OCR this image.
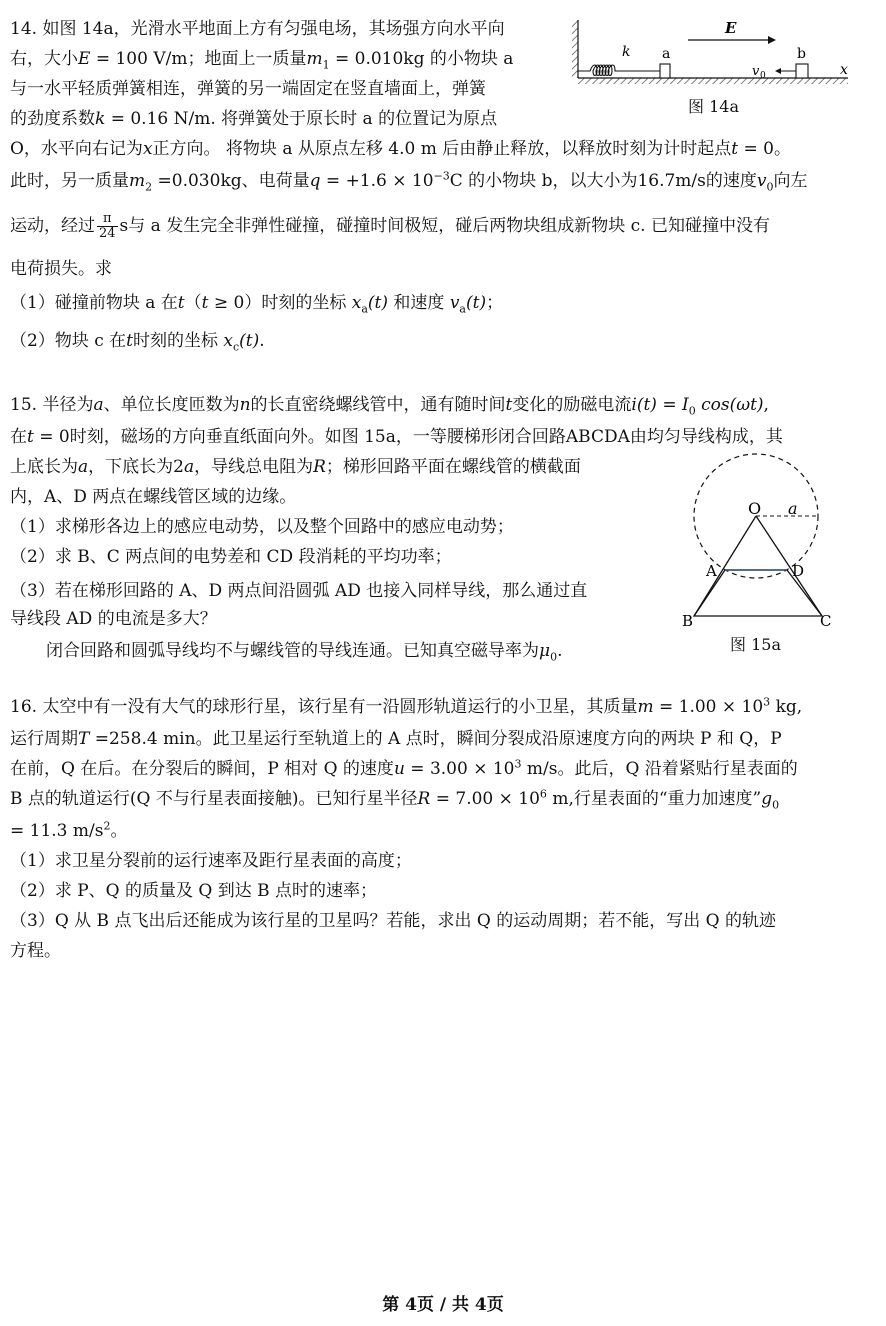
14. 如图 14a，光滑水平地面上方有匀强电场，其场强方向水平向
右，大小E = 100 V/m；地面上一质量$m_1 = 0.010kg$ 的小物块 a
与一水平轻质弹簧相连，弹簧的另一端固定在竖直墙面上，弹簧
的劲度系数k = 0.16 N/m. 将弹簧处于原长时 a 的位置记为原点
O，水平向右记为x正方向。 将物块 a 从原点左移 4.0 m 后由静止释放，以释放时刻为计时起点t = 0。
此时，另一质量$m_2 =0.030kg$、电荷量$q = +1.6 \times 10^{-3}C$ 的小物块 b，以大小为16.7m/s的速度$v_0$向左
运动，经过 $\frac{\pi}{24}$ s与 a 发生完全非弹性碰撞，碰撞时间极短，碰后两物块组成新物块 c. 已知碰撞中没有
电荷损失。求
（1）碰撞前物块 a 在t（t ≥ 0）时刻的坐标 $x_a(t)$ 和速度 $v_a(t)$；
（2）物块 c 在t时刻的坐标 $x_c(t)$.
k a
E
b
v 0	x
图 14a
15. 半径为a、单位长度匝数为n的长直密绕螺线管中，通有随时间t变化的励磁电流$i(t) = I_0$ cos(ωt),
在t = 0时刻，磁场的方向垂直纸面向外。如图 15a，一等腰梯形闭合回路ABCDA由均匀导线构成，其
上底长为a，下底长为2a，导线总电阻为R；梯形回路平面在螺线管的横截面
内，A、D 两点在螺线管区域的边缘。
（1）求梯形各边上的感应电动势，以及整个回路中的感应电动势；
（2）求 B、C 两点间的电势差和 CD 段消耗的平均功率；
（3）若在梯形回路的 A、D 两点间沿圆弧 AD 也接入同样导线，那么通过直
导线段 AD 的电流是多大？
闭合回路和圆弧导线均不与螺线管的导线连通。已知真空磁导率为$\mu_0$.
O a
A	D
B	C
图 15a
16. 太空中有一没有大气的球形行星，该行星有一沿圆形轨道运行的小卫星，其质量$m = 1.00 \times 10^3$ kg,
运行周期T =258.4 min。此卫星运行至轨道上的 A 点时，瞬间分裂成沿原速度方向的两块 P 和 Q，P
在前，Q 在后。在分裂后的瞬间，P 相对 Q 的速度$u = 3.00 \times 10^3$ m/s。此后，Q 沿着紧贴行星表面的
B 点的轨道运行(Q 不与行星表面接触)。已知行星半径$R = 7.00 \times 10^6$ m,行星表面的“重力加速度$”g_0$
= 11.3 $m/s^2$。
（1）求卫星分裂前的运行速率及距行星表面的高度；
（2）求 P、Q 的质量及 Q 到达 B 点时的速率；
（3）Q 从 B 点飞出后还能成为该行星的卫星吗？若能，求出 Q 的运动周期；若不能，写出 Q 的轨迹
方程。
第 4页 / 共 4页
